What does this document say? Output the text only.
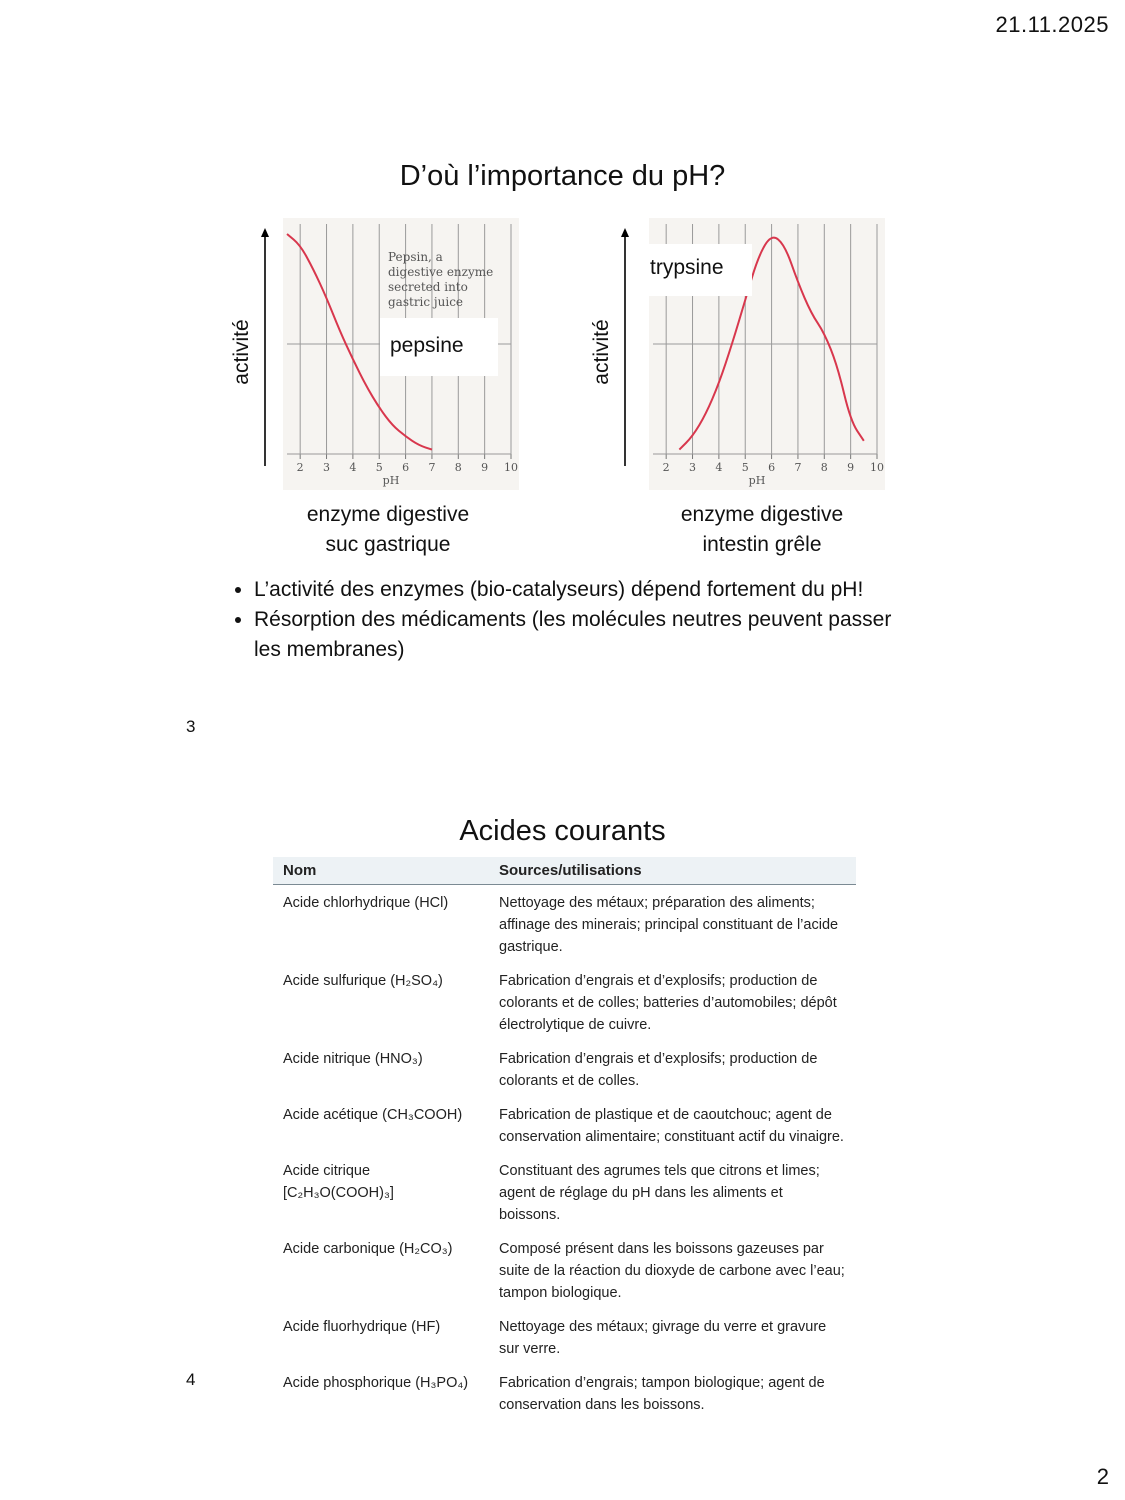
21.11.2025
D’où l’importance du pH?
activité
2 3 4 5 6 7 8 9 10
pH
Pepsin, a
digestive enzyme
secreted into
gastric juice
pepsine
enzyme digestive
suc gastrique
activité
2 3 4 5 6 7 8 9 10
pH
trypsine
enzyme digestive
intestin grêle
• L’activité des enzymes (bio-catalyseurs) dépend fortement du pH!
• Résorption des médicaments (les molécules neutres peuvent passer les membranes)
3
Acides courants
Nom	Sources/utilisations
Acide chlorhydrique (HCl)	Nettoyage des métaux; préparation des aliments; affinage des minerais; principal constituant de l’acide gastrique.
Acide sulfurique (H₂SO₄)	Fabrication d’engrais et d’explosifs; production de colorants et de colles; batteries d’automobiles; dépôt électrolytique de cuivre.
Acide nitrique (HNO₃)	Fabrication d’engrais et d’explosifs; production de colorants et de colles.
Acide acétique (CH₃COOH)	Fabrication de plastique et de caoutchouc; agent de conservation alimentaire; constituant actif du vinaigre.
Acide citrique [C₂H₃O(COOH)₃]	Constituant des agrumes tels que citrons et limes; agent de réglage du pH dans les aliments et boissons.
Acide carbonique (H₂CO₃)	Composé présent dans les boissons gazeuses par suite de la réaction du dioxyde de carbone avec l’eau; tampon biologique.
Acide fluorhydrique (HF)	Nettoyage des métaux; givrage du verre et gravure sur verre.
Acide phosphorique (H₃PO₄)	Fabrication d’engrais; tampon biologique; agent de conservation dans les boissons.
4
2
